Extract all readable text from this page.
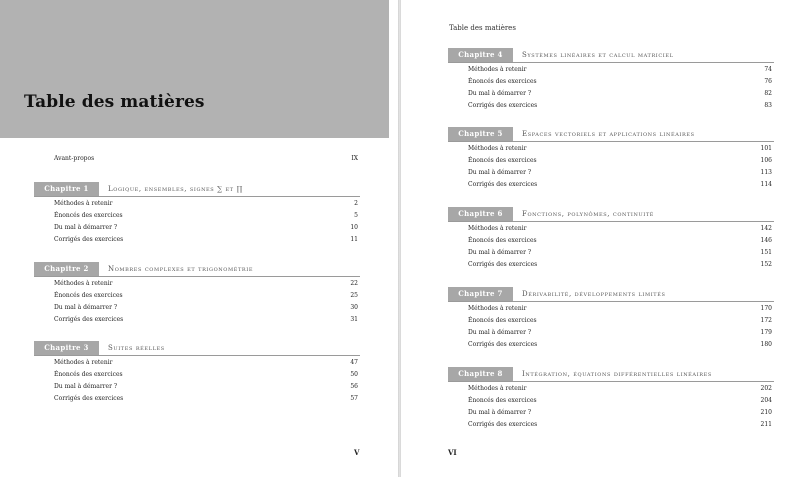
Table des matières
Avant-propos	IX
Chapitre 1	Logique, ensembles, signes ∑ et ∏
Méthodes à retenir	2
Énoncés des exercices	5
Du mal à démarrer ?	10
Corrigés des exercices	11
Chapitre 2	Nombres complexes et trigonométrie
Méthodes à retenir	22
Énoncés des exercices	25
Du mal à démarrer ?	30
Corrigés des exercices	31
Chapitre 3	Suites réelles
Méthodes à retenir	47
Énoncés des exercices	50
Du mal à démarrer ?	56
Corrigés des exercices	57
V
Table des matières
Chapitre 4	Systèmes linéaires et calcul matriciel
Méthodes à retenir	74
Énoncés des exercices	76
Du mal à démarrer ?	82
Corrigés des exercices	83
Chapitre 5	Espaces vectoriels et applications linéaires
Méthodes à retenir	101
Énoncés des exercices	106
Du mal à démarrer ?	113
Corrigés des exercices	114
Chapitre 6	Fonctions, polynômes, continuité
Méthodes à retenir	142
Énoncés des exercices	146
Du mal à démarrer ?	151
Corrigés des exercices	152
Chapitre 7	Dérivabilité, développements limités
Méthodes à retenir	170
Énoncés des exercices	172
Du mal à démarrer ?	179
Corrigés des exercices	180
Chapitre 8	Intégration, équations différentielles linéaires
Méthodes à retenir	202
Énoncés des exercices	204
Du mal à démarrer ?	210
Corrigés des exercices	211
VI
